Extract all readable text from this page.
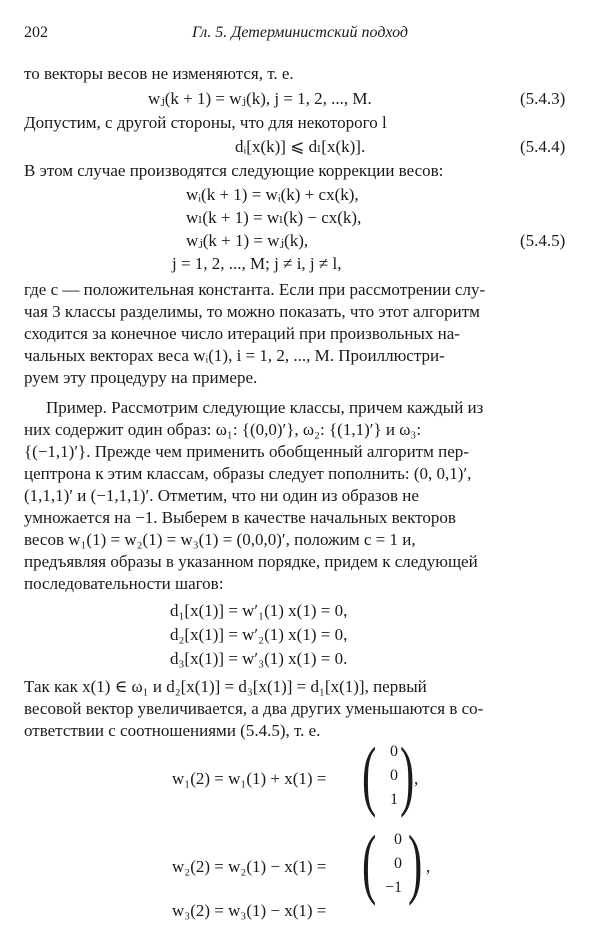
202	Гл. 5. Детерминистский подход
то векторы весов не изменяются, т. е.
wⱼ(k + 1) = wⱼ(k), j = 1, 2, ..., M.	(5.4.3)
Допустим, с другой стороны, что для некоторого l
dᵢ[x(k)] ⩽ dₗ[x(k)].	(5.4.4)
В этом случае производятся следующие коррекции весов:
wᵢ(k + 1) = wᵢ(k) + cx(k),
wₗ(k + 1) = wₗ(k) − cx(k),
(5.4.5)
wⱼ(k + 1) = wⱼ(k),
j = 1, 2, ..., M; j ≠ i, j ≠ l,
где c — положительная константа. Если при рассмотрении слу-
чая 3 классы разделимы, то можно показать, что этот алгоритм
сходится за конечное число итераций при произвольных на-
чальных векторах веса wᵢ(1), i = 1, 2, ..., M. Проиллюстри-
руем эту процедуру на примере.
Пример. Рассмотрим следующие классы, причем каждый из
них содержит один образ: ω₁: {(0,0)′}, ω₂: {(1,1)′} и ω₃:
{(−1,1)′}. Прежде чем применить обобщенный алгоритм пер-
цептрона к этим классам, образы следует пополнить: (0, 0,1)′,
(1,1,1)′ и (−1,1,1)′. Отметим, что ни один из образов не
умножается на −1. Выберем в качестве начальных векторов
весов w₁(1) = w₂(1) = w₃(1) = (0,0,0)′, положим c = 1 и,
предъявляя образы в указанном порядке, придем к следующей
последовательности шагов:
d₁[x(1)] = w′₁(1) x(1) = 0,
d₂[x(1)] = w′₂(1) x(1) = 0,
d₃[x(1)] = w′₃(1) x(1) = 0.
Так как x(1) ∈ ω₁ и d₂[x(1)] = d₃[x(1)] = d₁[x(1)], первый
весовой вектор увеличивается, а два других уменьшаются в со-
ответствии с соотношениями (5.4.5), т. е.
w₁(2) = w₁(1) + x(1) = ( 0
0
1 ) ,
w₂(2) = w₂(1) − x(1) = (	0
0
−1 ) ,
w₃(2) = w₃(1) − x(1) =
